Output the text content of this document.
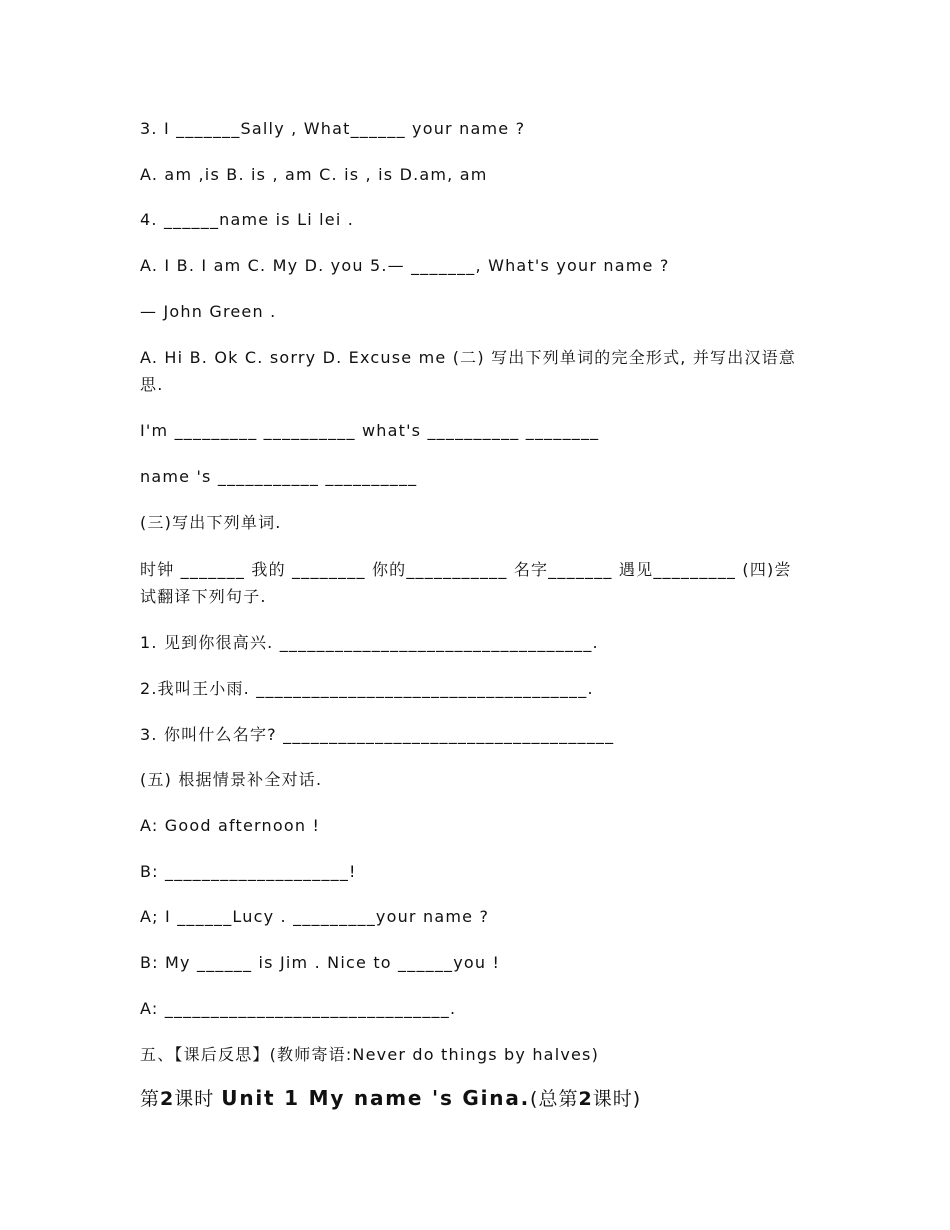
3. I _______Sally , What______ your name ?
A. am ,is B. is , am C. is , is D.am, am
4. ______name is Li lei .
A. I B. I am C. My D. you 5.— _______, What's your name ?
— John Green .
A. Hi B. Ok C. sorry D. Excuse me (二) 写出下列单词的完全形式, 并写出汉语意思.
I'm _________ __________ what's __________ ________
name 's ___________ __________
(三)写出下列单词.
时钟 _______ 我的 ________ 你的___________ 名字_______ 遇见_________ (四)尝试翻译下列句子.
1. 见到你很高兴. __________________________________.
2.我叫王小雨. ____________________________________.
3. 你叫什么名字? ____________________________________
(五) 根据情景补全对话.
A: Good afternoon !
B: ____________________!
A; I ______Lucy . _________your name ?
B: My ______ is Jim . Nice to ______you !
A: _______________________________.
五、【课后反思】(教师寄语:Never do things by halves)
第2课时 Unit 1 My name 's Gina.(总第2课时)
